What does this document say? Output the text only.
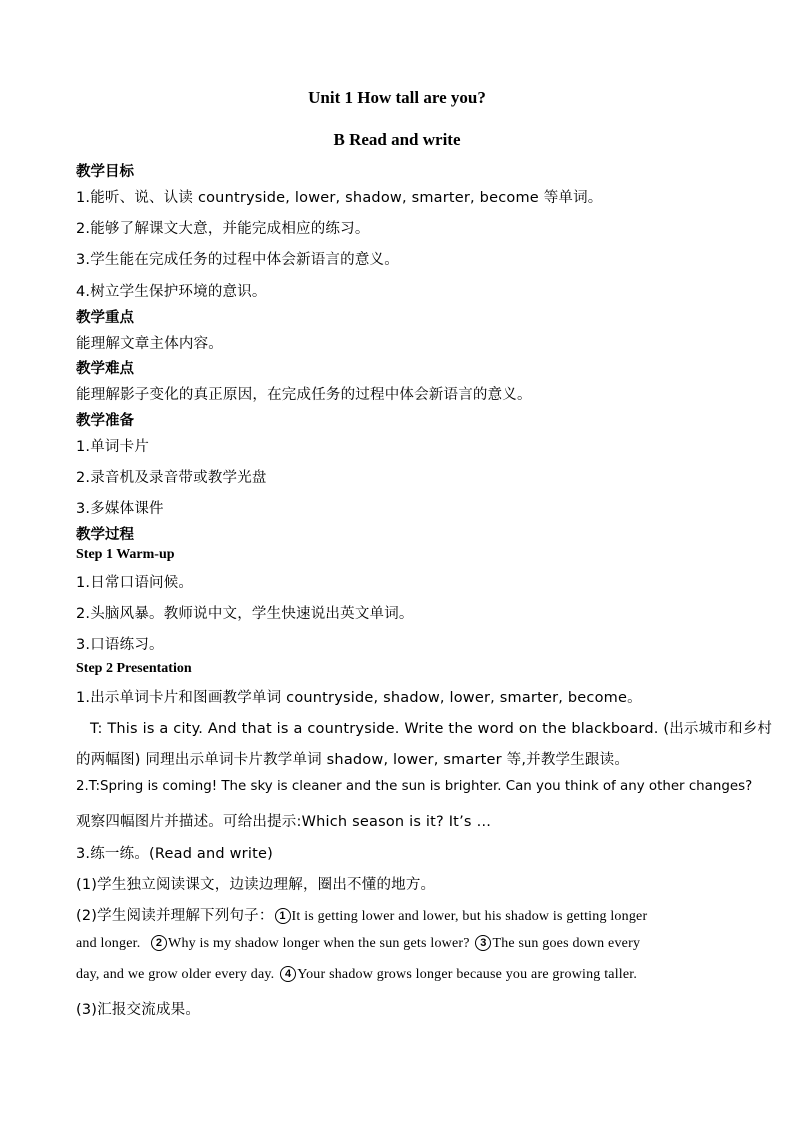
Unit 1 How tall are you?
B Read and write
教学目标
1.能听、说、认读 countryside, lower, shadow, smarter, become 等单词。
2.能够了解课文大意，并能完成相应的练习。
3.学生能在完成任务的过程中体会新语言的意义。
4.树立学生保护环境的意识。
教学重点
能理解文章主体内容。
教学难点
能理解影子变化的真正原因，在完成任务的过程中体会新语言的意义。
教学准备
1.单词卡片
2.录音机及录音带或教学光盘
3.多媒体课件
教学过程
Step 1 Warm-up
1.日常口语问候。
2.头脑风暴。教师说中文，学生快速说出英文单词。
3.口语练习。
Step 2 Presentation
1.出示单词卡片和图画教学单词 countryside, shadow, lower, smarter, become。
T: This is a city. And that is a countryside. Write the word on the blackboard. (出示城市和乡村
的两幅图) 同理出示单词卡片教学单词 shadow, lower, smarter 等,并教学生跟读。
2.T:Spring is coming! The sky is cleaner and the sun is brighter. Can you think of any other changes?
观察四幅图片并描述。可给出提示:Which season is it? It’s …
3.练一练。(Read and write)
(1)学生独立阅读课文，边读边理解，圈出不懂的地方。
(2)学生阅读并理解下列句子： 1 It is getting lower and lower, but his shadow is getting longer
and longer. 2 Why is my shadow longer when the sun gets lower? 3 The sun goes down every
day, and we grow older every day. 4 Your shadow grows longer because you are growing taller.
(3)汇报交流成果。
